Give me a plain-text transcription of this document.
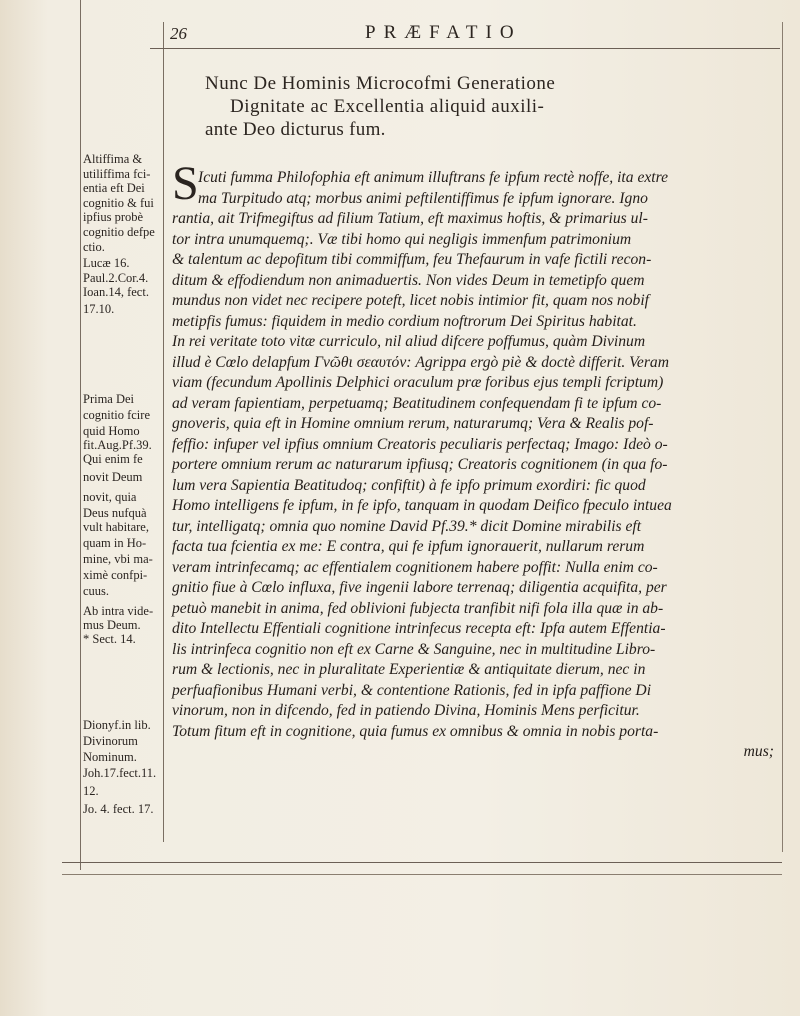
26	PRÆFATIO
Nunc De Hominis Microcofmi Generatione
Dignitate ac Excellentia aliquid auxili-
ante Deo dicturus fum.
Altiffima &
utiliffima fci-
entia eft Dei
cognitio & fui
ipfius probè
cognitio defpe
ctio.
Lucæ 16.
Paul.2.Cor.4.
Ioan.14, fect.
17.10.
Prima Dei
cognitio fcire
quid Homo
fit.Aug.Pf.39.
Qui enim fe
novit Deum
novit, quia
Deus nufquà
vult habitare,
quam in Ho-
mine, vbi ma-
ximè confpi-
cuus.
Ab intra vide-
mus Deum.
* Sect. 14.
Dionyf.in lib.
Divinorum
Nominum.
Joh.17.fect.11.
12.
Jo. 4. fect. 17.
S Icuti fumma Philofophia eft animum illuftrans fe ipfum rectè noffe, ita extre
ma Turpitudo atq; morbus animi peftilentiffimus fe ipfum ignorare. Igno
rantia, ait Trifmegiftus ad filium Tatium, eft maximus hoftis, & primarius ul-
tor intra unumquemq;. Væ tibi homo qui negligis immenfum patrimonium
& talentum ac depofitum tibi commiffum, feu Thefaurum in vafe fictili recon-
ditum & effodiendum non animaduertis. Non vides Deum in temetipfo quem
mundus non videt nec recipere poteft, licet nobis intimior fit, quam nos nobif
metipfis fumus: fiquidem in medio cordium noftrorum Dei Spiritus habitat.
In rei veritate toto vitæ curriculo, nil aliud difcere poffumus, quàm Divinum
illud è Cœlo delapfum Γνῶθι σεαυτόν: Agrippa ergò piè & doctè differit. Veram
viam (fecundum Apollinis Delphici oraculum præ foribus ejus templi fcriptum)
ad veram fapientiam, perpetuamq; Beatitudinem confequendam fi te ipfum co-
gnoveris, quia eft in Homine omnium rerum, naturarumq; Vera & Realis pof-
feffio: infuper vel ipfius omnium Creatoris peculiaris perfectaq; Imago: Ideò o-
portere omnium rerum ac naturarum ipfiusq; Creatoris cognitionem (in qua fo-
lum vera Sapientia Beatitudoq; confiftit) à fe ipfo primum exordiri: fic quod
Homo intelligens fe ipfum, in fe ipfo, tanquam in quodam Deifico fpeculo intuea
tur, intelligatq; omnia quo nomine David Pf.39.* dicit Domine mirabilis eft
facta tua fcientia ex me: E contra, qui fe ipfum ignorauerit, nullarum rerum
veram intrinfecamq; ac effentialem cognitionem habere poffit: Nulla enim co-
gnitio fiue à Cœlo influxa, five ingenii labore terrenaq; diligentia acquifita, per
petuò manebit in anima, fed oblivioni fubjecta tranfibit nifi fola illa quæ in ab-
dito Intellectu Effentiali cognitione intrinfecus recepta eft: Ipfa autem Effentia-
lis intrinfeca cognitio non eft ex Carne & Sanguine, nec in multitudine Libro-
rum & lectionis, nec in pluralitate Experientiæ & antiquitate dierum, nec in
perfuafionibus Humani verbi, & contentione Rationis, fed in ipfa paffione Di
vinorum, non in difcendo, fed in patiendo Divina, Hominis Mens perficitur.
Totum fitum eft in cognitione, quia fumus ex omnibus & omnia in nobis porta-
mus;
